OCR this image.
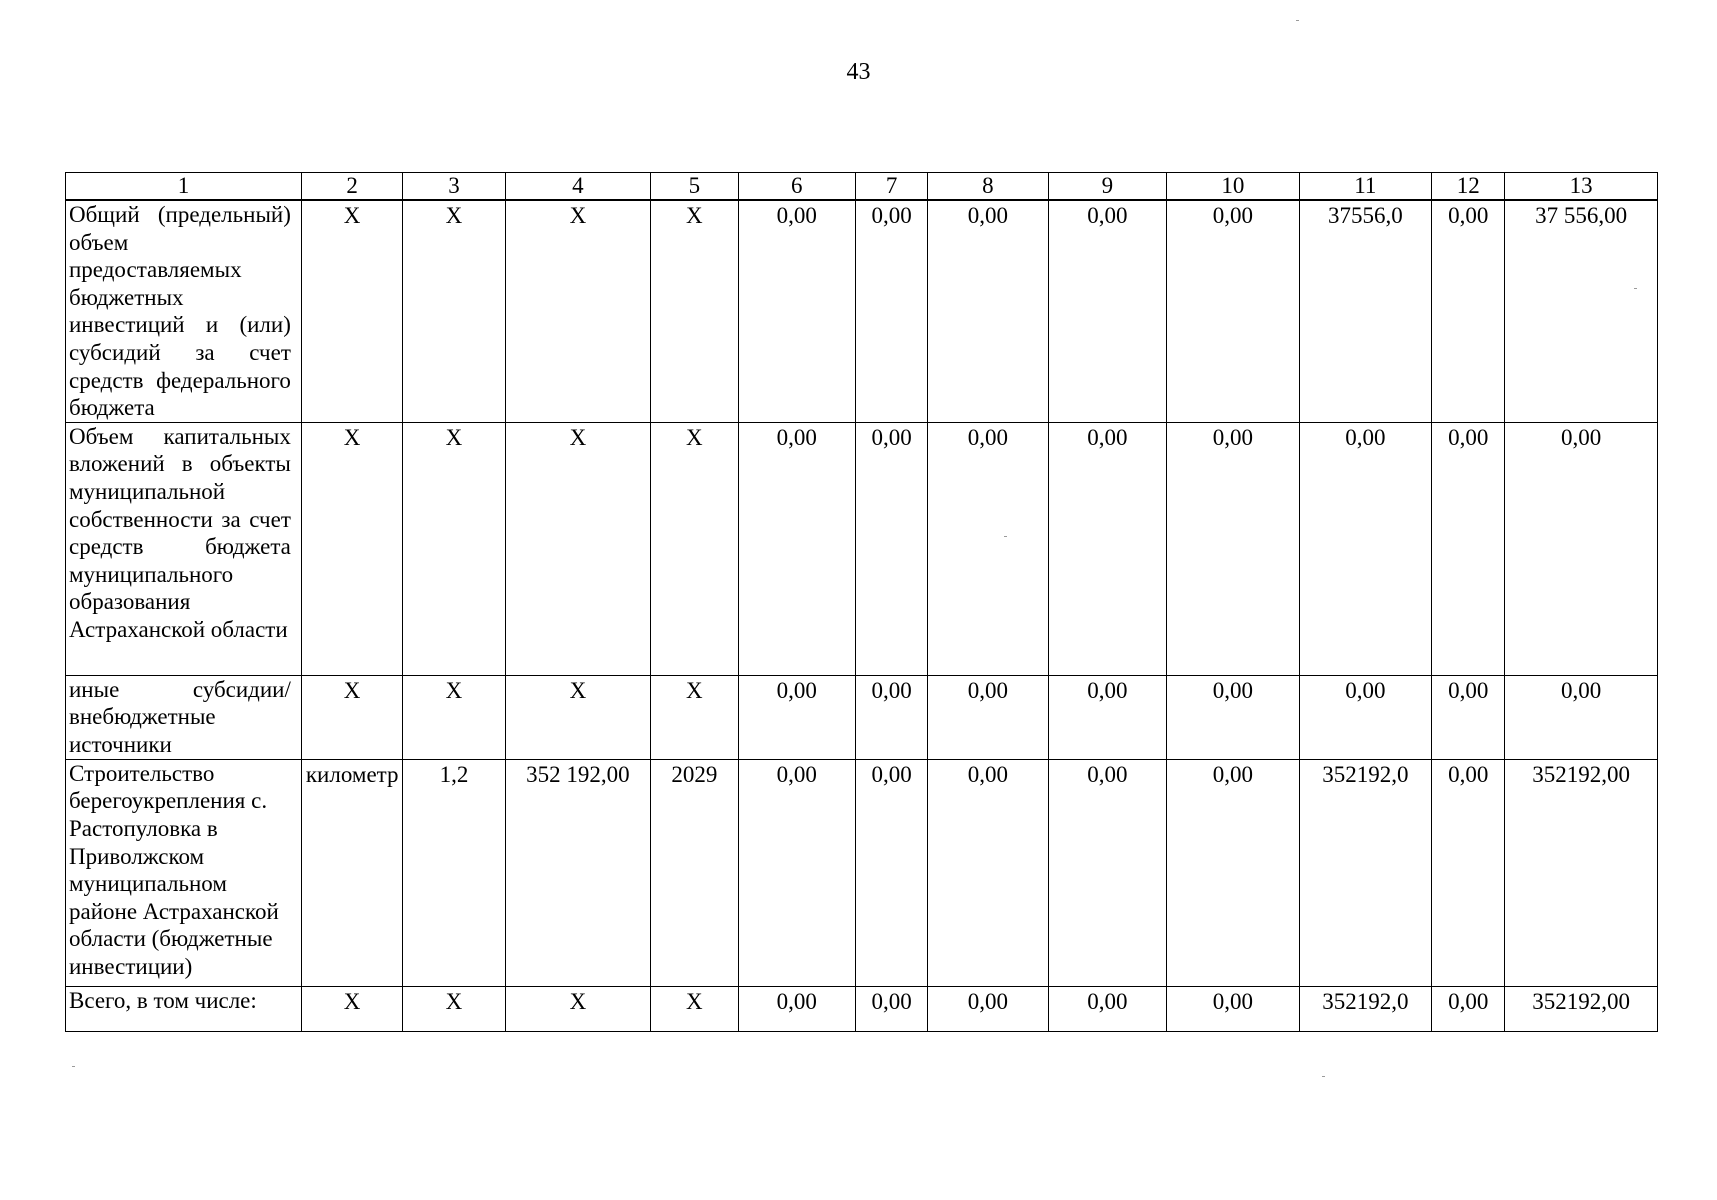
43
1	2	3	4	5	6	7	8	9	10	11	12	13
Общий (предельный) объем предоставляемых бюджетных инвестиций и (или) субсидий за счет средств федерального бюджета	Х	Х	Х	Х	0,00	0,00	0,00	0,00	0,00	37556,0	0,00	37 556,00
Объем капитальных вложений в объекты муниципальной собственности за счет средств бюджета муниципального образования Астраханской области	Х	Х	Х	Х	0,00	0,00	0,00	0,00	0,00	0,00	0,00	0,00
иные субсидии/ внебюджетные источники	Х	Х	Х	Х	0,00	0,00	0,00	0,00	0,00	0,00	0,00	0,00
Строительство берегоукрепления с. Растопуловка в Приволжском муниципальном районе Астраханской области (бюджетные инвестиции)	километр	1,2	352 192,00	2029	0,00	0,00	0,00	0,00	0,00	352192,0	0,00	352192,00
Всего, в том числе:	Х	Х	Х	Х	0,00	0,00	0,00	0,00	0,00	352192,0	0,00	352192,00
